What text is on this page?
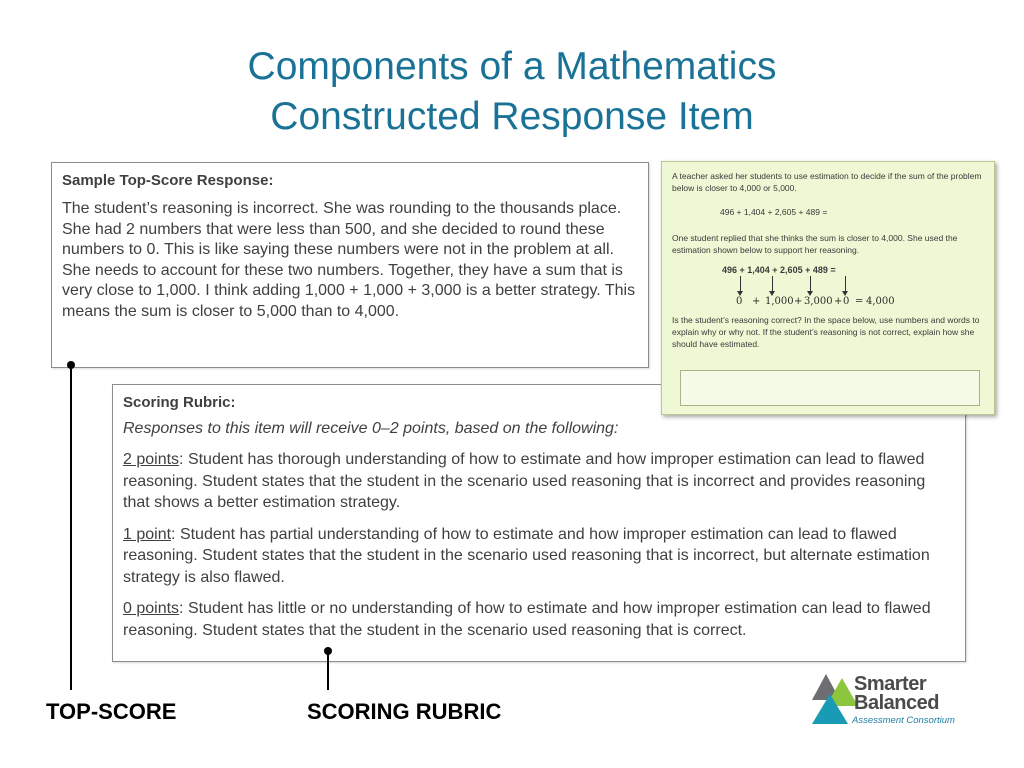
Components of a Mathematics
Constructed Response Item

Sample Top-Score Response:

The student’s reasoning is incorrect. She was rounding to the thousands place. She had 2 numbers that were less than 500, and she decided to round these numbers to 0. This is like saying these numbers were not in the problem at all. She needs to account for these two numbers. Together, they have a sum that is very close to 1,000. I think adding 1,000 + 1,000 + 3,000 is a better strategy. This means the sum is closer to 5,000 than to 4,000.

Scoring Rubric:

Responses to this item will receive 0–2 points, based on the following:

2 points: Student has thorough understanding of how to estimate and how improper estimation can lead to flawed reasoning. Student states that the student in the scenario used reasoning that is incorrect and provides reasoning that shows a better estimation strategy.

1 point: Student has partial understanding of how to estimate and how improper estimation can lead to flawed reasoning. Student states that the student in the scenario used reasoning that is incorrect, but alternate estimation strategy is also flawed.

0 points: Student has little or no understanding of how to estimate and how improper estimation can lead to flawed reasoning. Student states that the student in the scenario used reasoning that is correct.

A teacher asked her students to use estimation to decide if the sum of the problem below is closer to 4,000 or 5,000.

496 + 1,404 + 2,605 + 489 =

One student replied that she thinks the sum is closer to 4,000. She used the estimation shown below to support her reasoning.

496 + 1,404 + 2,605 + 489 =

0 + 1,000 + 3,000 + 0 = 4,000

Is the student’s reasoning correct? In the space below, use numbers and words to explain why or why not. If the student’s reasoning is not correct, explain how she should have estimated.

TOP-SCORE	SCORING RUBRIC
Smarter
Balanced
Assessment Consortium
